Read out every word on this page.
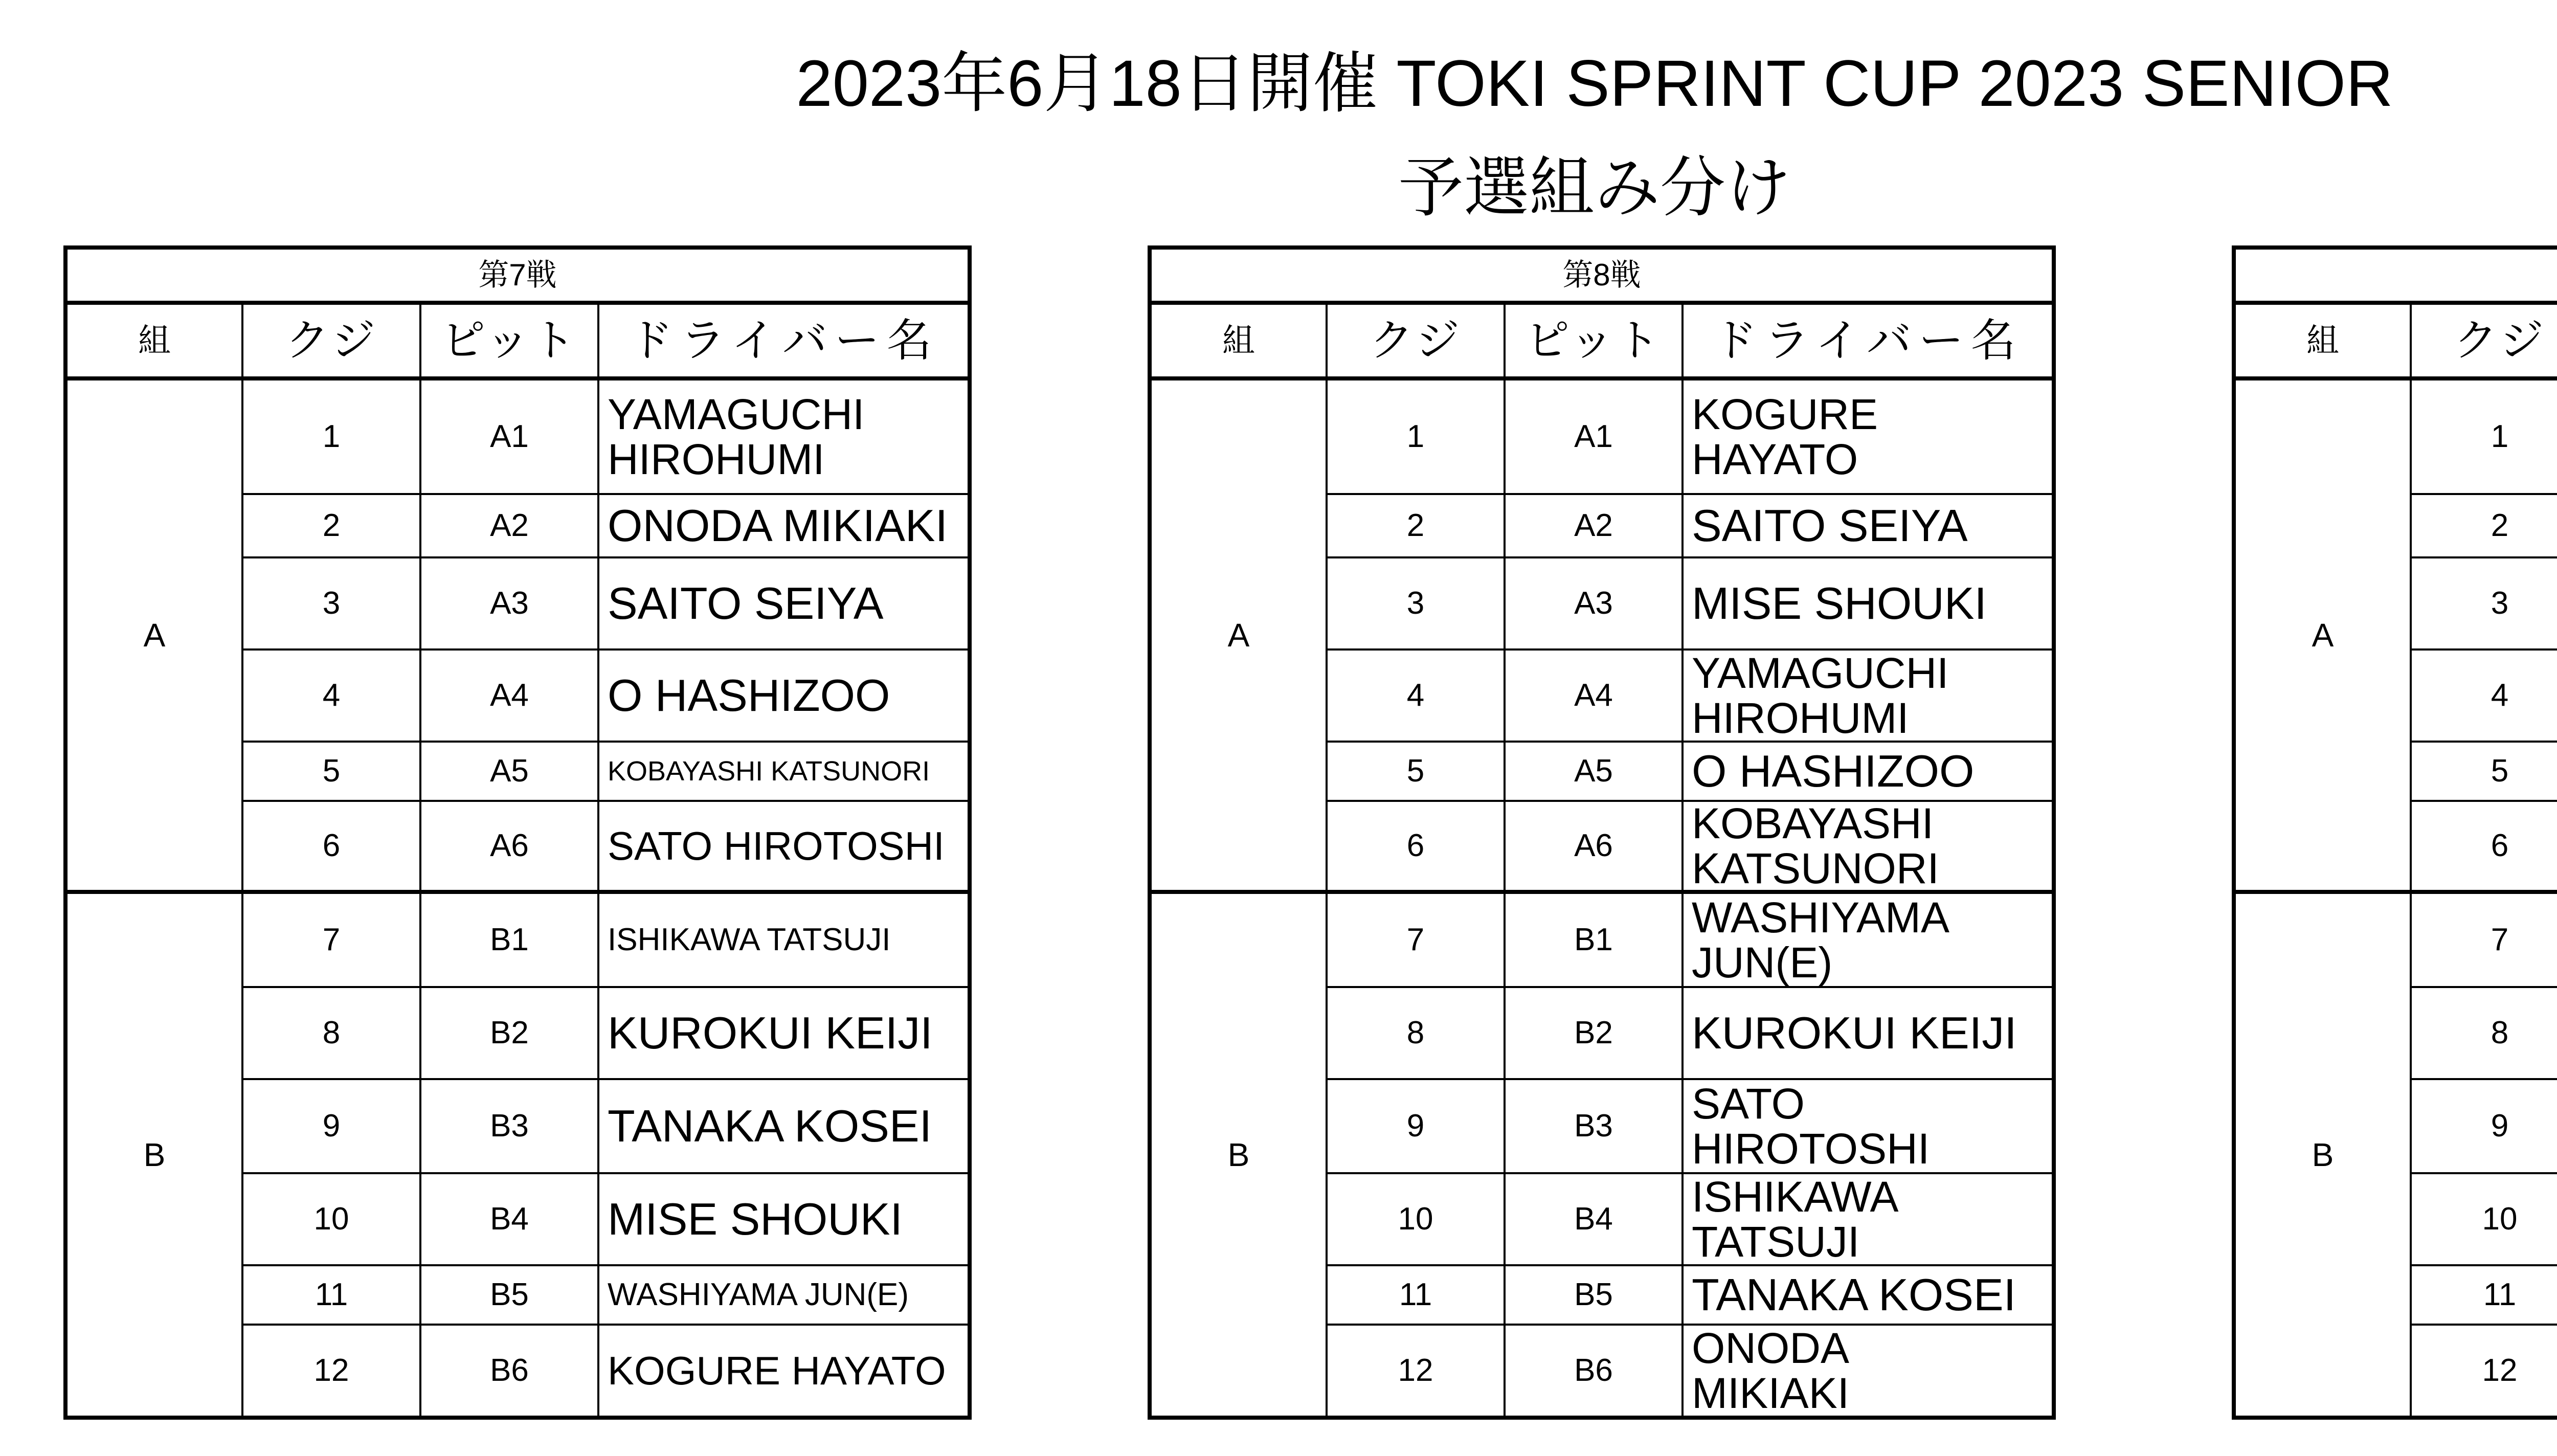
2023年6月18日開催 TOKI SPRINT CUP 2023 SENIOR
予選組み分け
第7戦
組	クジ ピット ドライバー名
A
1	A1 YAMAGUCHI HIROHUMI
2	A2 ONODA MIKIAKI
3	A3 SAITO SEIYA
4	A4 O HASHIZOO
5	A5	KOBAYASHI KATSUNORI
6	A6 SATO HIROTOSHI
B
7	B1 ISHIKAWA TATSUJI
8	B2 KUROKUI KEIJI
9	B3 TANAKA KOSEI
10	B4 MISE SHOUKI
11	B5 WASHIYAMA JUN(E)
12	B6 KOGURE HAYATO
第8戦
組	クジ ピット ドライバー名
A
1	A1 KOGURE HAYATO
2	A2 SAITO SEIYA
3	A3 MISE SHOUKI
4	A4 YAMAGUCHI HIROHUMI
5	A5 O HASHIZOO
6	A6 KOBAYASHI KATSUNORI
B
7	B1 WASHIYAMA JUN(E)
8	B2 KUROKUI KEIJI
9	B3 SATO HIROTOSHI
10	B4 ISHIKAWA TATSUJI
11	B5 TANAKA KOSEI
12	B6 ONODA MIKIAKI
組	クジ
A
1
2
3
4
5
6
B
7
8
9
10
11
12
